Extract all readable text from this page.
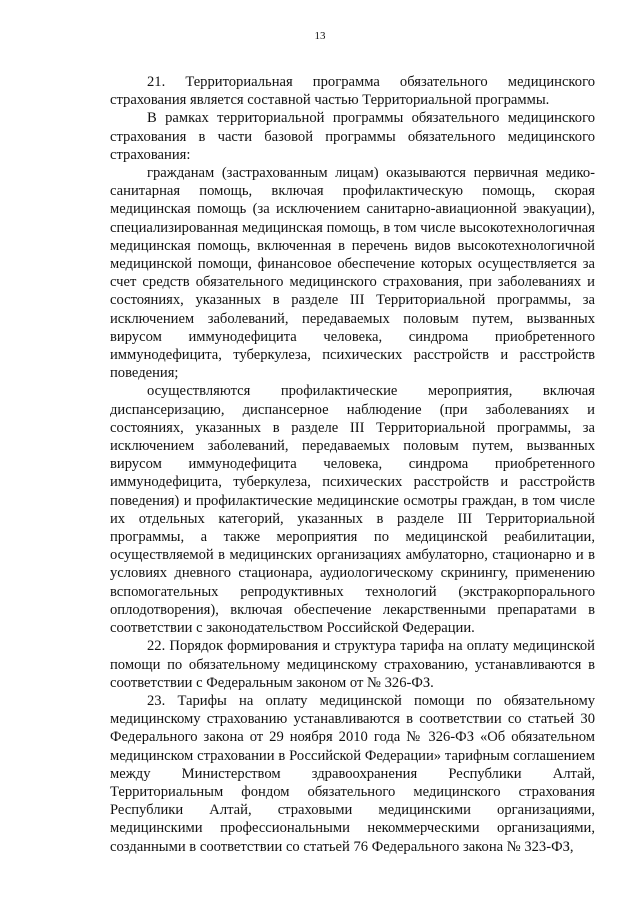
13

21. Территориальная программа обязательного медицинского страхования является составной частью Территориальной программы.

В рамках территориальной программы обязательного медицинского страхования в части базовой программы обязательного медицинского страхования:

гражданам (застрахованным лицам) оказываются первичная медико-санитарная помощь, включая профилактическую помощь, скорая медицинская помощь (за исключением санитарно-авиационной эвакуации), специализированная медицинская помощь, в том числе высокотехнологичная медицинская помощь, включенная в перечень видов высокотехнологичной медицинской помощи, финансовое обеспечение которых осуществляется за счет средств обязательного медицинского страхования, при заболеваниях и состояниях, указанных в разделе III Территориальной программы, за исключением заболеваний, передаваемых половым путем, вызванных вирусом иммунодефицита человека, синдрома приобретенного иммунодефицита, туберкулеза, психических расстройств и расстройств поведения;

осуществляются профилактические мероприятия, включая диспансеризацию, диспансерное наблюдение (при заболеваниях и состояниях, указанных в разделе III Территориальной программы, за исключением заболеваний, передаваемых половым путем, вызванных вирусом иммунодефицита человека, синдрома приобретенного иммунодефицита, туберкулеза, психических расстройств и расстройств поведения) и профилактические медицинские осмотры граждан, в том числе их отдельных категорий, указанных в разделе III Территориальной программы, а также мероприятия по медицинской реабилитации, осуществляемой в медицинских организациях амбулаторно, стационарно и в условиях дневного стационара, аудиологическому скринингу, применению вспомогательных репродуктивных технологий (экстракорпорального оплодотворения), включая обеспечение лекарственными препаратами в соответствии с законодательством Российской Федерации.

22. Порядок формирования и структура тарифа на оплату медицинской помощи по обязательному медицинскому страхованию, устанавливаются в соответствии с Федеральным законом от № 326-ФЗ.

23. Тарифы на оплату медицинской помощи по обязательному медицинскому страхованию устанавливаются в соответствии со статьей 30 Федерального закона от 29 ноября 2010 года № 326-ФЗ «Об обязательном медицинском страховании в Российской Федерации» тарифным соглашением между Министерством здравоохранения Республики Алтай, Территориальным фондом обязательного медицинского страхования Республики Алтай, страховыми медицинскими организациями, медицинскими профессиональными некоммерческими организациями, созданными в соответствии со статьей 76 Федерального закона № 323-ФЗ,
